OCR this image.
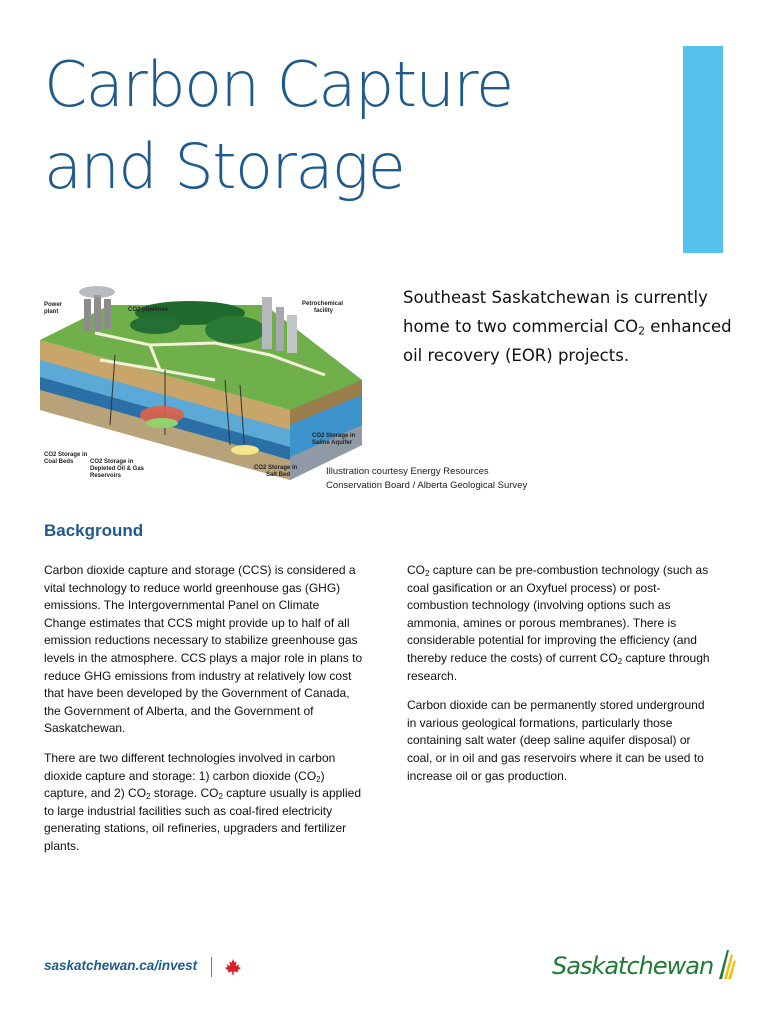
Carbon Capture
and Storage

Southeast Saskatchewan is currently home to two commercial $CO_2$ enhanced oil recovery (EOR) projects.

Power
plant	CO2 pipelines
Petrochemical
facility
CO2 Storage in
Coal Beds	CO2 Storage in
Depleted Oil & Gas
Reservoirs
CO2 Storage in
Saline Aquifer
CO2 Storage in
Salt Bed	Illustration courtesy Energy Resources
Conservation Board / Alberta Geological Survey
Background

Carbon dioxide capture and storage (CCS) is considered a vital technology to reduce world greenhouse gas (GHG) emissions. The Intergovernmental Panel on Climate Change estimates that CCS might provide up to half of all emission reductions necessary to stabilize greenhouse gas levels in the atmosphere. CCS plays a major role in plans to reduce GHG emissions from industry at relatively low cost that have been developed by the Government of Canada, the Government of Alberta, and the Government of Saskatchewan.

There are two different technologies involved in carbon dioxide capture and storage: 1) carbon dioxide $(CO_2)$ capture, and 2) $CO_2$ storage. $CO_2$ capture usually is applied to large industrial facilities such as coal-fired electricity generating stations, oil refineries, upgraders and fertilizer plants.

$CO_2$ capture can be pre-combustion technology (such as coal gasification or an Oxyfuel process) or post-combustion technology (involving options such as ammonia, amines or porous membranes). There is considerable potential for improving the efficiency (and thereby reduce the costs) of current $CO_2$ capture through research.

Carbon dioxide can be permanently stored underground in various geological formations, particularly those containing salt water (deep saline aquifer disposal) or coal, or in oil and gas reservoirs where it can be used to increase oil or gas production.

saskatchewan.ca/invest	Saskatchewan
